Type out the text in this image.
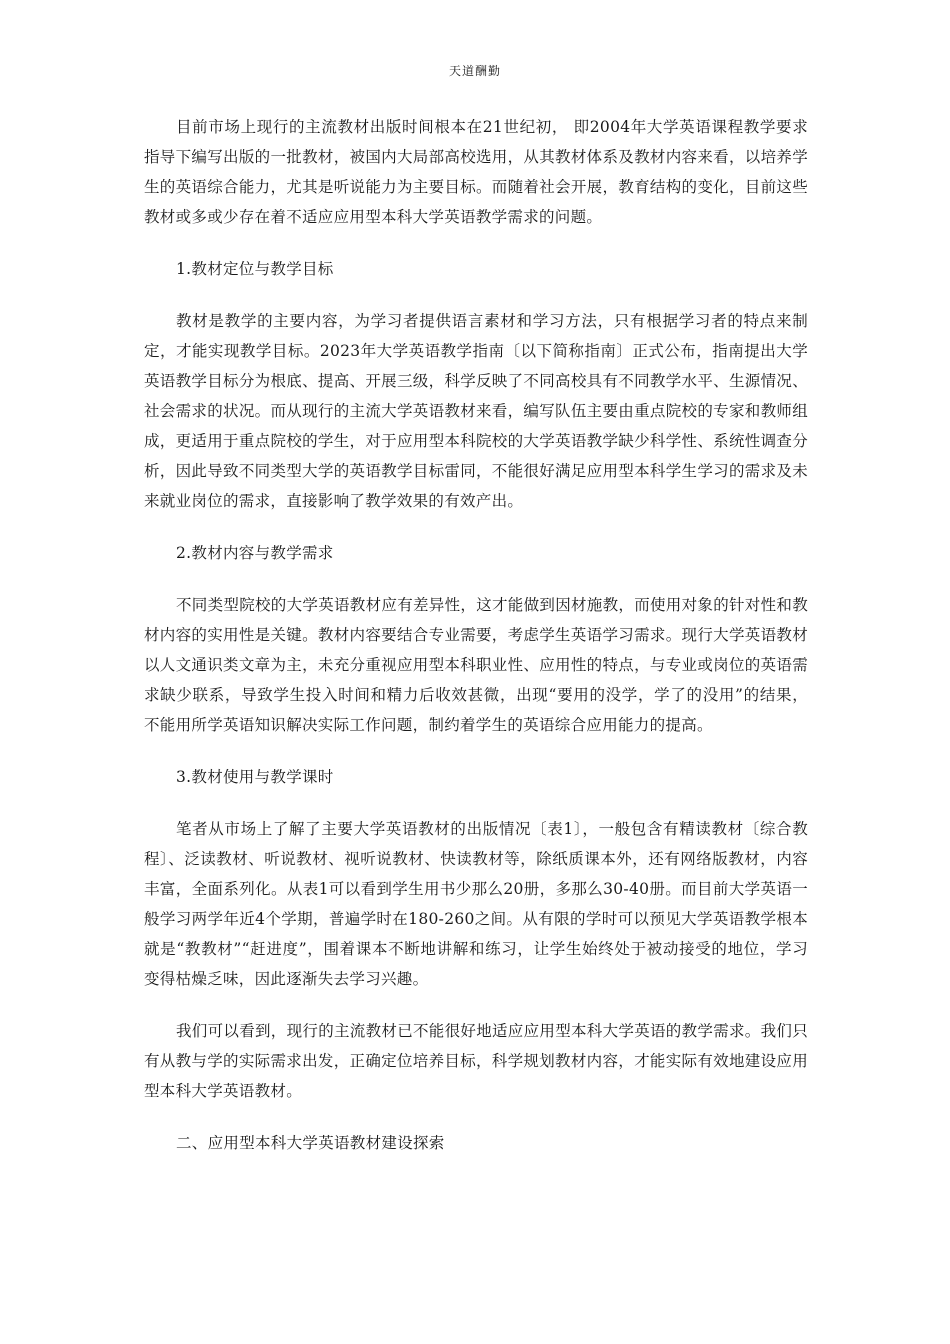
天道酬勤

目前市场上现行的主流教材出版时间根本在21世纪初， 即2004年大学英语课程教学要求指导下编写出版的一批教材，被国内大局部高校选用，从其教材体系及教材内容来看，以培养学生的英语综合能力，尤其是听说能力为主要目标。而随着社会开展，教育结构的变化，目前这些教材或多或少存在着不适应应用型本科大学英语教学需求的问题。

1.教材定位与教学目标

教材是教学的主要内容，为学习者提供语言素材和学习方法，只有根据学习者的特点来制定，才能实现教学目标。2023年大学英语教学指南〔以下简称指南〕正式公布，指南提出大学英语教学目标分为根底、提高、开展三级，科学反映了不同高校具有不同教学水平、生源情况、社会需求的状况。而从现行的主流大学英语教材来看，编写队伍主要由重点院校的专家和教师组成，更适用于重点院校的学生，对于应用型本科院校的大学英语教学缺少科学性、系统性调查分析，因此导致不同类型大学的英语教学目标雷同，不能很好满足应用型本科学生学习的需求及未来就业岗位的需求，直接影响了教学效果的有效产出。

2.教材内容与教学需求

不同类型院校的大学英语教材应有差异性，这才能做到因材施教，而使用对象的针对性和教材内容的实用性是关键。教材内容要结合专业需要，考虑学生英语学习需求。现行大学英语教材以人文通识类文章为主，未充分重视应用型本科职业性、应用性的特点，与专业或岗位的英语需求缺少联系，导致学生投入时间和精力后收效甚微，出现“要用的没学，学了的没用”的结果，不能用所学英语知识解决实际工作问题，制约着学生的英语综合应用能力的提高。

3.教材使用与教学课时

笔者从市场上了解了主要大学英语教材的出版情况〔表1〕，一般包含有精读教材〔综合教程〕、泛读教材、听说教材、视听说教材、快读教材等，除纸质课本外，还有网络版教材，内容丰富，全面系列化。从表1可以看到学生用书少那么20册，多那么30-40册。而目前大学英语一般学习两学年近4个学期，普遍学时在180-260之间。从有限的学时可以预见大学英语教学根本就是“教教材”“赶进度”，围着课本不断地讲解和练习，让学生始终处于被动接受的地位，学习变得枯燥乏味，因此逐渐失去学习兴趣。

我们可以看到，现行的主流教材已不能很好地适应应用型本科大学英语的教学需求。我们只有从教与学的实际需求出发，正确定位培养目标，科学规划教材内容，才能实际有效地建设应用型本科大学英语教材。

二、应用型本科大学英语教材建设探索
